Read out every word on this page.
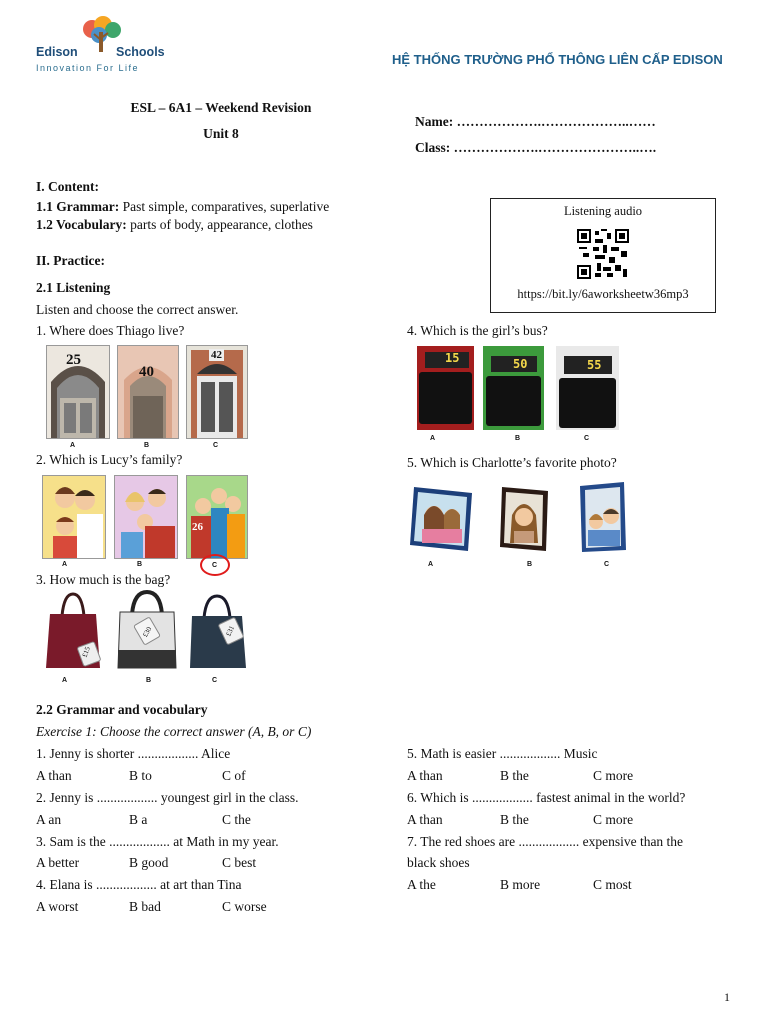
Edison	Schools
Innovation For Life
HỆ THỐNG TRƯỜNG PHỔ THÔNG LIÊN CẤP EDISON
ESL – 6A1 – Weekend Revision
Unit 8
Name: ……………….………………..……
Class: ……………….…………………..….
Listening audio
https://bit.ly/6aworksheetw36mp3
I. Content:
1.1 Grammar: Past simple, comparatives, superlative
1.2 Vocabulary: parts of body, appearance, clothes
II. Practice:
2.1 Listening
Listen and choose the correct answer.
1. Where does Thiago live?	4. Which is the girl’s bus?
25
40
42
A	B	C
15	50	55
A	B	C
2. Which is Lucy’s family?	5. Which is Charlotte’s favorite photo?
26
A	B	C	A	B	C
3. How much is the bag?
£15
£30	£31
A	B	C
2.2 Grammar and vocabulary
Exercise 1: Choose the correct answer (A, B, or C)
1. Jenny is shorter .................. Alice
A than	B to	C of
2. Jenny is .................. youngest girl in the class.
A an	B a	C the
3. Sam is the .................. at Math in my year.
A better	B good	C best
4. Elana is .................. at art than Tina
A worst	B bad	C worse
5. Math is easier .................. Music
A than	B the	C more
6. Which is .................. fastest animal in the world?
A than	B the	C more
7. The red shoes are .................. expensive than the
black shoes
A the	B more	C most
1
